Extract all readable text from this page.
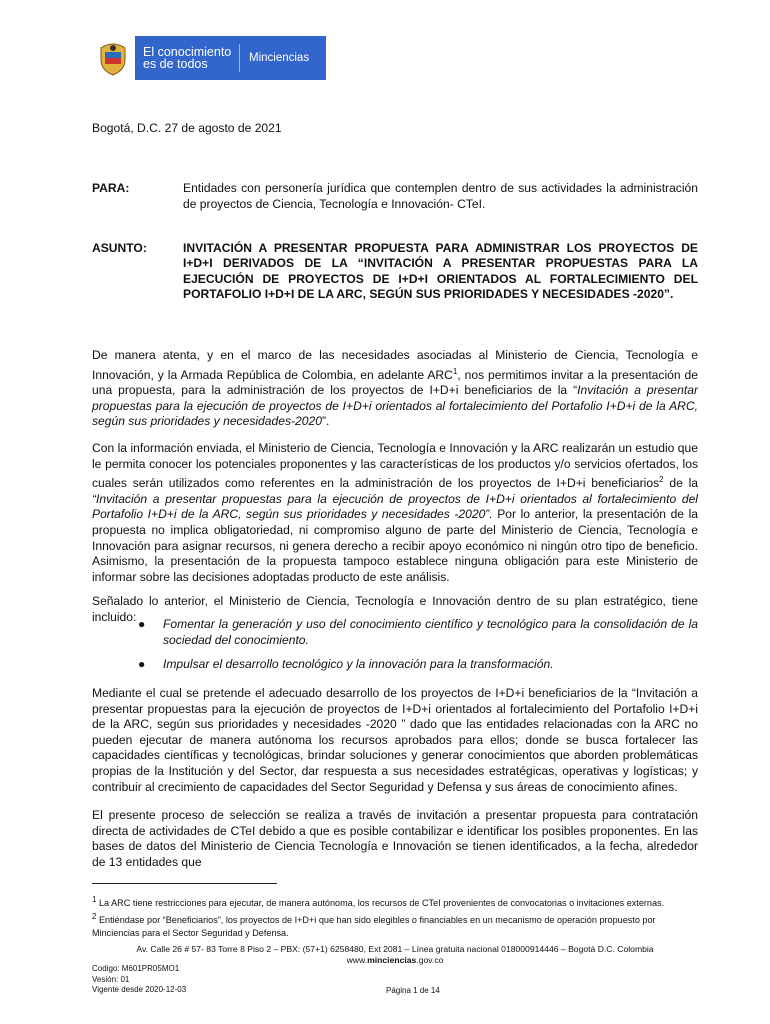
El conocimiento
es de todos	Minciencias
Bogotá, D.C. 27 de agosto de 2021
PARA:	Entidades con personería jurídica que contemplen dentro de sus actividades la administración de proyectos de Ciencia, Tecnología e Innovación- CTeI.
ASUNTO:	INVITACIÓN A PRESENTAR PROPUESTA PARA ADMINISTRAR LOS PROYECTOS DE I+D+I DERIVADOS DE LA “INVITACIÓN A PRESENTAR PROPUESTAS PARA LA EJECUCIÓN DE PROYECTOS DE I+D+I ORIENTADOS AL FORTALECIMIENTO DEL PORTAFOLIO I+D+I DE LA ARC, SEGÚN SUS PRIORIDADES Y NECESIDADES -2020”.
De manera atenta, y en el marco de las necesidades asociadas al Ministerio de Ciencia, Tecnología e Innovación, y la Armada República de Colombia, en adelante ARC$^1$, nos permitimos invitar a la presentación de una propuesta, para la administración de los proyectos de I+D+i beneficiarios de la “Invitación a presentar propuestas para la ejecución de proyectos de I+D+i orientados al fortalecimiento del Portafolio I+D+i de la ARC, según sus prioridades y necesidades-2020”.
Con la información enviada, el Ministerio de Ciencia, Tecnología e Innovación y la ARC realizarán un estudio que le permita conocer los potenciales proponentes y las características de los productos y/o servicios ofertados, los cuales serán utilizados como referentes en la administración de los proyectos de I+D+i beneficiarios$^2$ de la “Invitación a presentar propuestas para la ejecución de proyectos de I+D+i orientados al fortalecimiento del Portafolio I+D+i de la ARC, según sus prioridades y necesidades -2020”. Por lo anterior, la presentación de la propuesta no implica obligatoriedad, ni compromiso alguno de parte del Ministerio de Ciencia, Tecnología e Innovación para asignar recursos, ni genera derecho a recibir apoyo económico ni ningún otro tipo de beneficio. Asimismo, la presentación de la propuesta tampoco establece ninguna obligación para este Ministerio de informar sobre las decisiones adoptadas producto de este análisis.
Señalado lo anterior, el Ministerio de Ciencia, Tecnología e Innovación dentro de su plan estratégico, tiene incluido:
● Fomentar la generación y uso del conocimiento científico y tecnológico para la consolidación de la sociedad del conocimiento.
● Impulsar el desarrollo tecnológico y la innovación para la transformación.
Mediante el cual se pretende el adecuado desarrollo de los proyectos de I+D+i beneficiarios de la “Invitación a presentar propuestas para la ejecución de proyectos de I+D+i orientados al fortalecimiento del Portafolio I+D+i de la ARC, según sus prioridades y necesidades -2020 ” dado que las entidades relacionadas con la ARC no pueden ejecutar de manera autónoma los recursos aprobados para ellos; donde se busca fortalecer las capacidades científicas y tecnológicas, brindar soluciones y generar conocimientos que aborden problemáticas propias de la Institución y del Sector, dar respuesta a sus necesidades estratégicas, operativas y logísticas; y contribuir al crecimiento de capacidades del Sector Seguridad y Defensa y sus áreas de conocimiento afines.
El presente proceso de selección se realiza a través de invitación a presentar propuesta para contratación directa de actividades de CTeI debido a que es posible contabilizar e identificar los posibles proponentes. En las bases de datos del Ministerio de Ciencia Tecnología e Innovación se tienen identificados, a la fecha, alrededor de 13 entidades que
$^1$ La ARC tiene restricciones para ejecutar, de manera autónoma, los recursos de CTeI provenientes de convocatorias o invitaciones externas.
$^2$ Entiéndase por “Beneficiarios”, los proyectos de I+D+i que han sido elegibles o financiables en un mecanismo de operación propuesto por Minciencias para el Sector Seguridad y Defensa.
Av. Calle 26 # 57- 83 Torre 8 Piso 2 – PBX: (57+1) 6258480, Ext 2081 – Línea gratuita nacional 018000914446 – Bogotá D.C. Colombia
www.minciencias.gov.co
Codigo: M601PR05MO1
Vesión: 01
Vigente desde 2020-12-03	Página 1 de 14
